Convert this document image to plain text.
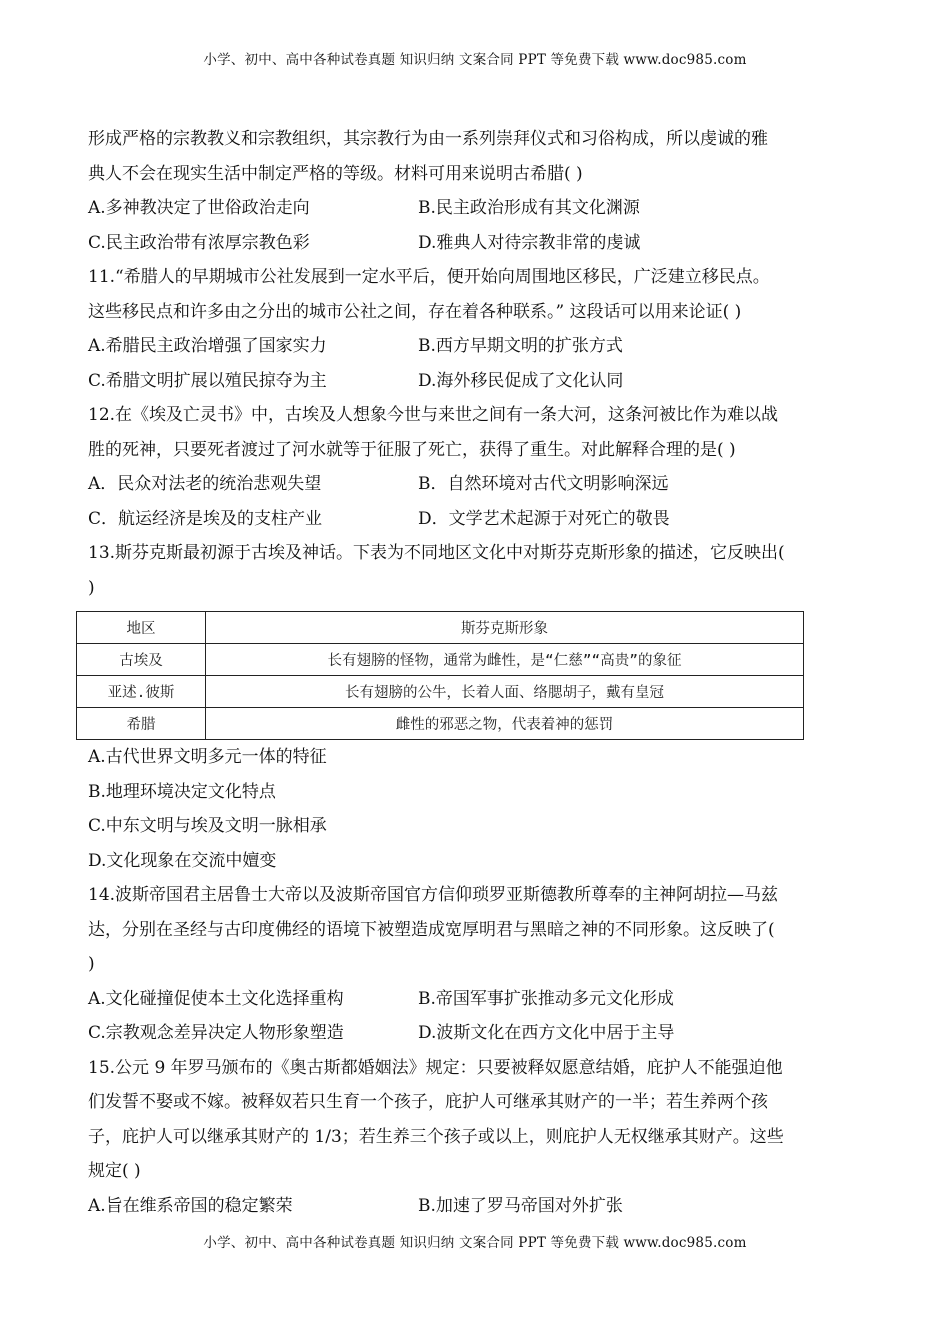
小学、初中、高中各种试卷真题 知识归纳 文案合同 PPT 等免费下载 www.doc985.com
形成严格的宗教教义和宗教组织，其宗教行为由一系列崇拜仪式和习俗构成，所以虔诚的雅
典人不会在现实生活中制定严格的等级。材料可用来说明古希腊( )
A.多神教决定了世俗政治走向	B.民主政治形成有其文化渊源
C.民主政治带有浓厚宗教色彩	D.雅典人对待宗教非常的虔诚
11.“希腊人的早期城市公社发展到一定水平后，便开始向周围地区移民，广泛建立移民点。
这些移民点和许多由之分出的城市公社之间，存在着各种联系。” 这段话可以用来论证( )
A.希腊民主政治增强了国家实力	B.西方早期文明的扩张方式
C.希腊文明扩展以殖民掠夺为主	D.海外移民促成了文化认同
12.在《埃及亡灵书》中，古埃及人想象今世与来世之间有一条大河，这条河被比作为难以战
胜的死神，只要死者渡过了河水就等于征服了死亡，获得了重生。对此解释合理的是( )
A．民众对法老的统治悲观失望	B．自然环境对古代文明影响深远
C．航运经济是埃及的支柱产业	D．文学艺术起源于对死亡的敬畏
13.斯芬克斯最初源于古埃及神话。下表为不同地区文化中对斯芬克斯形象的描述，它反映出(
)
地区	斯芬克斯形象
古埃及	长有翅膀的怪物，通常为雌性，是“仁慈”“高贵”的象征
亚述.彼斯	长有翅膀的公牛，长着人面、络腮胡子，戴有皇冠
希腊	雌性的邪恶之物，代表着神的惩罚
A.古代世界文明多元一体的特征
B.地理环境决定文化特点
C.中东文明与埃及文明一脉相承
D.文化现象在交流中嬗变
14.波斯帝国君主居鲁士大帝以及波斯帝国官方信仰琐罗亚斯德教所尊奉的主神阿胡拉—马兹
达，分别在圣经与古印度佛经的语境下被塑造成宽厚明君与黑暗之神的不同形象。这反映了(
)
A.文化碰撞促使本土文化选择重构	B.帝国军事扩张推动多元文化形成
C.宗教观念差异决定人物形象塑造	D.波斯文化在西方文化中居于主导
15.公元 9 年罗马颁布的《奥古斯都婚姻法》规定：只要被释奴愿意结婚，庇护人不能强迫他
们发誓不娶或不嫁。被释奴若只生育一个孩子，庇护人可继承其财产的一半；若生养两个孩
子，庇护人可以继承其财产的 1/3；若生养三个孩子或以上，则庇护人无权继承其财产。这些
规定( )
A.旨在维系帝国的稳定繁荣	B.加速了罗马帝国对外扩张
小学、初中、高中各种试卷真题 知识归纳 文案合同 PPT 等免费下载 www.doc985.com
